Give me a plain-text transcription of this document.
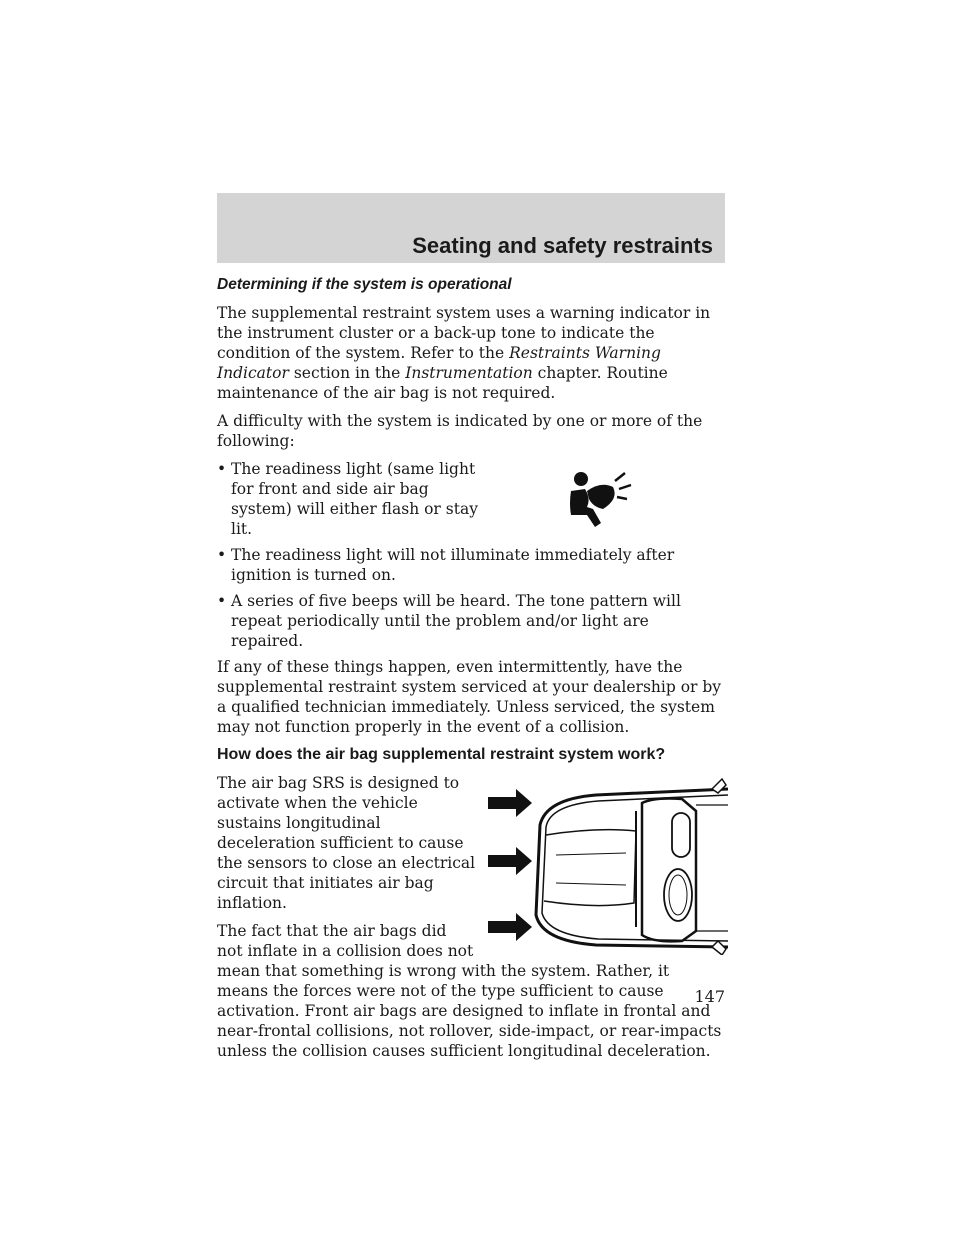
Seating and safety restraints
Determining if the system is operational

The supplemental restraint system uses a warning indicator in the instrument cluster or a back-up tone to indicate the condition of the system. Refer to the Restraints Warning Indicator section in the Instrumentation chapter. Routine maintenance of the air bag is not required.

A difficulty with the system is indicated by one or more of the following:

• The readiness light (same light for front and side air bag system) will either flash or stay lit.
• The readiness light will not illuminate immediately after ignition is turned on.
• A series of five beeps will be heard. The tone pattern will repeat periodically until the problem and/or light are repaired.

If any of these things happen, even intermittently, have the supplemental restraint system serviced at your dealership or by a qualified technician immediately. Unless serviced, the system may not function properly in the event of a collision.

How does the air bag supplemental restraint system work?

The air bag SRS is designed to activate when the vehicle sustains longitudinal deceleration sufficient to cause the sensors to close an electrical circuit that initiates air bag inflation.

The fact that the air bags did not inflate in a collision does not mean that something is wrong with the system. Rather, it means the forces were not of the type sufficient to cause activation. Front air bags are designed to inflate in frontal and near-frontal collisions, not rollover, side-impact, or rear-impacts unless the collision causes sufficient longitudinal deceleration.

147
